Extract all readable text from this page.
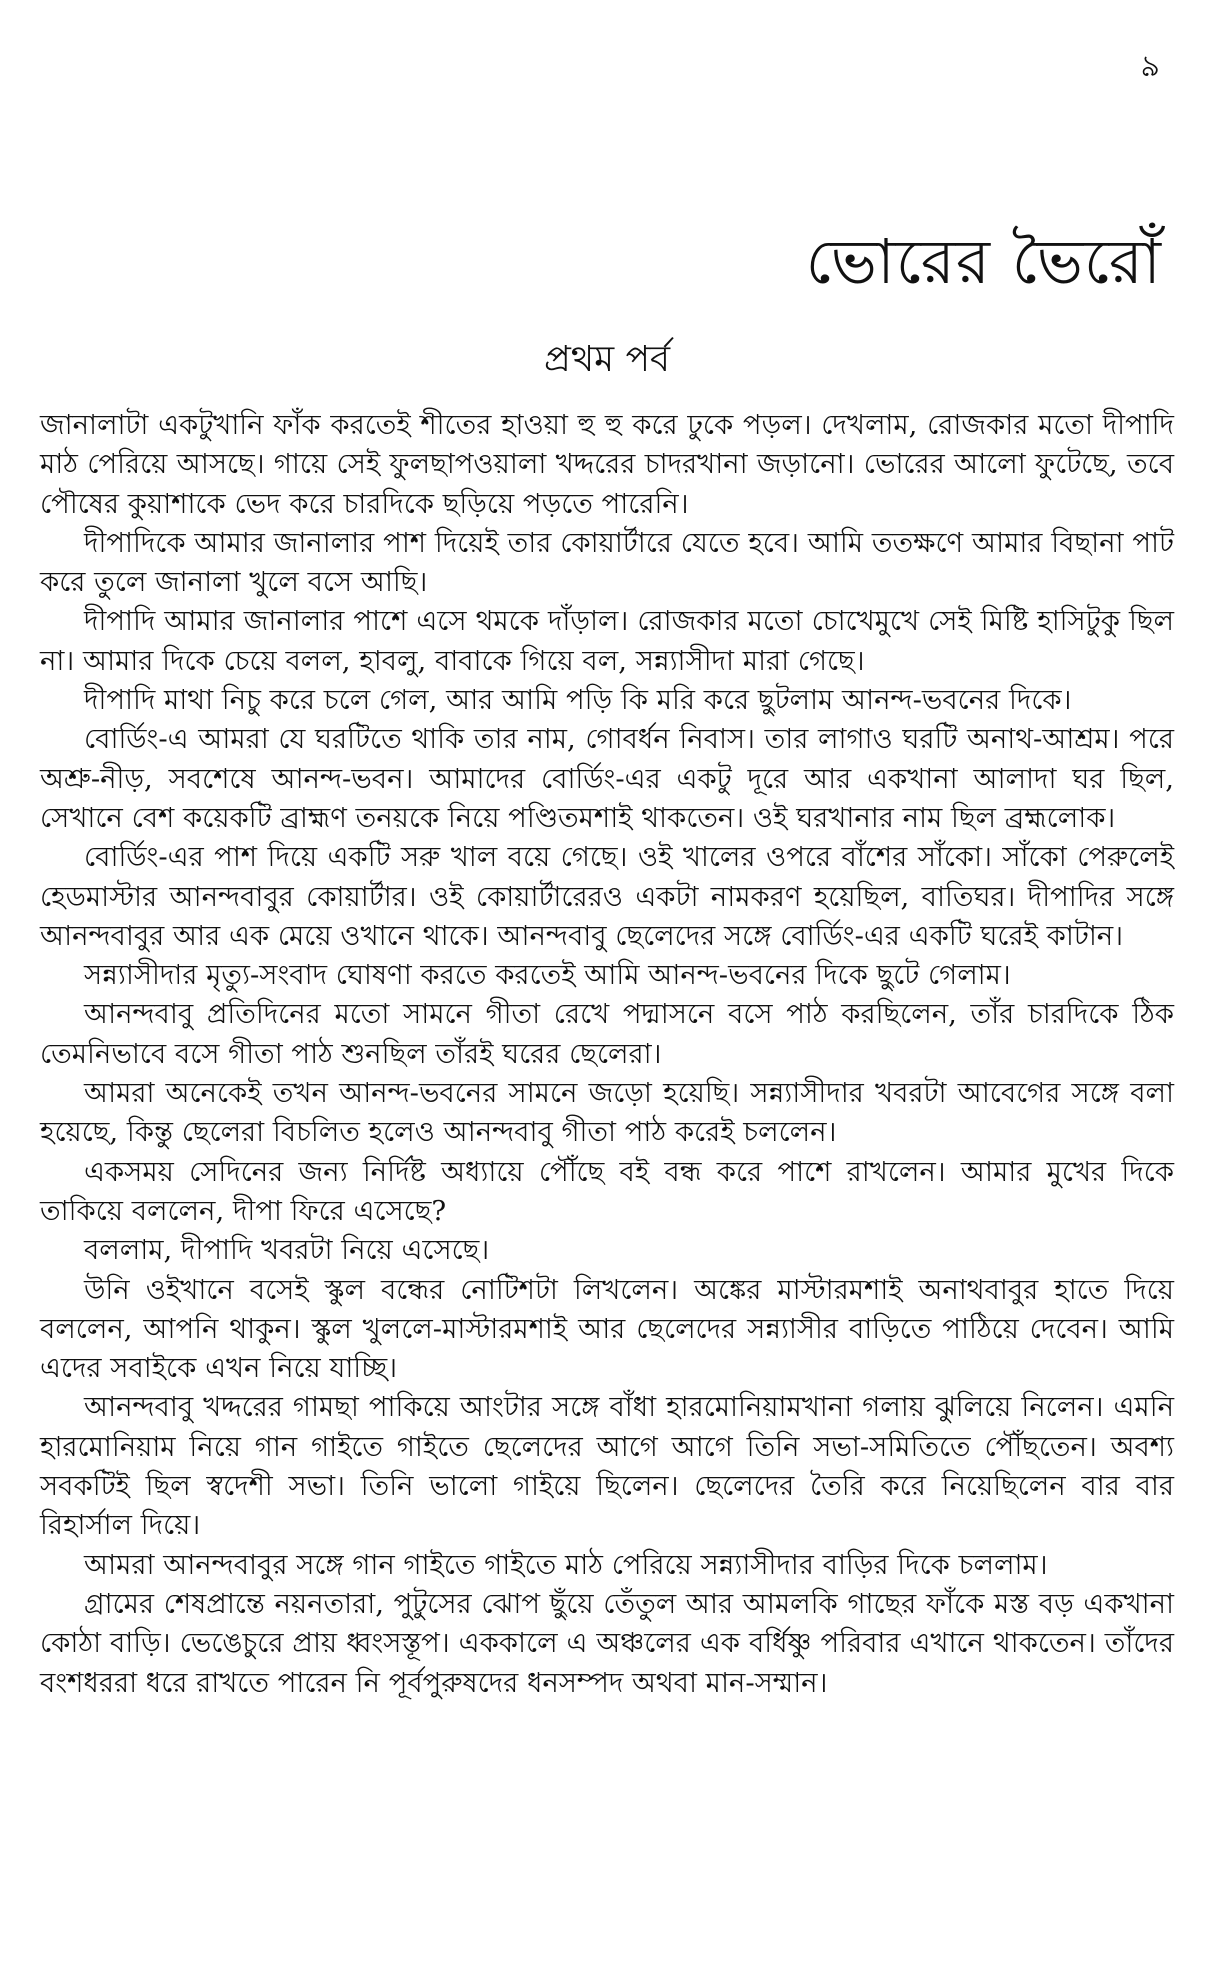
৯
ভোরের ভৈরোঁ
প্রথম পর্ব

জানালাটা একটুখানি ফাঁক করতেই শীতের হাওয়া হু হু করে ঢুকে পড়ল। দেখলাম, রোজকার মতো দীপাদি মাঠ পেরিয়ে আসছে। গায়ে সেই ফুলছাপওয়ালা খদ্দরের চাদরখানা জড়ানো। ভোরের আলো ফুটেছে, তবে পৌষের কুয়াশাকে ভেদ করে চারদিকে ছড়িয়ে পড়তে পারেনি।

দীপাদিকে আমার জানালার পাশ দিয়েই তার কোয়ার্টারে যেতে হবে। আমি ততক্ষণে আমার বিছানা পাট করে তুলে জানালা খুলে বসে আছি।

দীপাদি আমার জানালার পাশে এসে থমকে দাঁড়াল। রোজকার মতো চোখেমুখে সেই মিষ্টি হাসিটুকু ছিল না। আমার দিকে চেয়ে বলল, হাবলু, বাবাকে গিয়ে বল, সন্ন্যাসীদা মারা গেছে।

দীপাদি মাথা নিচু করে চলে গেল, আর আমি পড়ি কি মরি করে ছুটলাম আনন্দ-ভবনের দিকে।

বোর্ডিং-এ আমরা যে ঘরটিতে থাকি তার নাম, গোবর্ধন নিবাস। তার লাগাও ঘরটি অনাথ-আশ্রম। পরে অশ্রু-নীড়, সবশেষে আনন্দ-ভবন। আমাদের বোর্ডিং-এর একটু দূরে আর একখানা আলাদা ঘর ছিল, সেখানে বেশ কয়েকটি ব্রাহ্মণ তনয়কে নিয়ে পণ্ডিতমশাই থাকতেন। ওই ঘরখানার নাম ছিল ব্রহ্মলোক।

বোর্ডিং-এর পাশ দিয়ে একটি সরু খাল বয়ে গেছে। ওই খালের ওপরে বাঁশের সাঁকো। সাঁকো পেরুলেই হেডমাস্টার আনন্দবাবুর কোয়ার্টার। ওই কোয়ার্টারেরও একটা নামকরণ হয়েছিল, বাতিঘর। দীপাদির সঙ্গে আনন্দবাবুর আর এক মেয়ে ওখানে থাকে। আনন্দবাবু ছেলেদের সঙ্গে বোর্ডিং-এর একটি ঘরেই কাটান।

সন্ন্যাসীদার মৃত্যু-সংবাদ ঘোষণা করতে করতেই আমি আনন্দ-ভবনের দিকে ছুটে গেলাম।

আনন্দবাবু প্রতিদিনের মতো সামনে গীতা রেখে পদ্মাসনে বসে পাঠ করছিলেন, তাঁর চারদিকে ঠিক তেমনিভাবে বসে গীতা পাঠ শুনছিল তাঁরই ঘরের ছেলেরা।

আমরা অনেকেই তখন আনন্দ-ভবনের সামনে জড়ো হয়েছি। সন্ন্যাসীদার খবরটা আবেগের সঙ্গে বলা হয়েছে, কিন্তু ছেলেরা বিচলিত হলেও আনন্দবাবু গীতা পাঠ করেই চললেন।

একসময় সেদিনের জন্য নির্দিষ্ট অধ্যায়ে পৌঁছে বই বন্ধ করে পাশে রাখলেন। আমার মুখের দিকে তাকিয়ে বললেন, দীপা ফিরে এসেছে?

বললাম, দীপাদি খবরটা নিয়ে এসেছে।

উনি ওইখানে বসেই স্কুল বন্ধের নোটিশটা লিখলেন। অঙ্কের মাস্টারমশাই অনাথবাবুর হাতে দিয়ে বললেন, আপনি থাকুন। স্কুল খুললে-মাস্টারমশাই আর ছেলেদের সন্ন্যাসীর বাড়িতে পাঠিয়ে দেবেন। আমি এদের সবাইকে এখন নিয়ে যাচ্ছি।

আনন্দবাবু খদ্দরের গামছা পাকিয়ে আংটার সঙ্গে বাঁধা হারমোনিয়ামখানা গলায় ঝুলিয়ে নিলেন। এমনি হারমোনিয়াম নিয়ে গান গাইতে গাইতে ছেলেদের আগে আগে তিনি সভা-সমিতিতে পৌঁছতেন। অবশ্য সবকটিই ছিল স্বদেশী সভা। তিনি ভালো গাইয়ে ছিলেন। ছেলেদের তৈরি করে নিয়েছিলেন বার বার রিহার্সাল দিয়ে।

আমরা আনন্দবাবুর সঙ্গে গান গাইতে গাইতে মাঠ পেরিয়ে সন্ন্যাসীদার বাড়ির দিকে চললাম।

গ্রামের শেষপ্রান্তে নয়নতারা, পুটুসের ঝোপ ছুঁয়ে তেঁতুল আর আমলকি গাছের ফাঁকে মস্ত বড় একখানা কোঠা বাড়ি। ভেঙেচুরে প্রায় ধ্বংসস্তূপ। এককালে এ অঞ্চলের এক বর্ধিষ্ণু পরিবার এখানে থাকতেন। তাঁদের বংশধররা ধরে রাখতে পারেন নি পূর্বপুরুষদের ধনসম্পদ অথবা মান-সম্মান।
